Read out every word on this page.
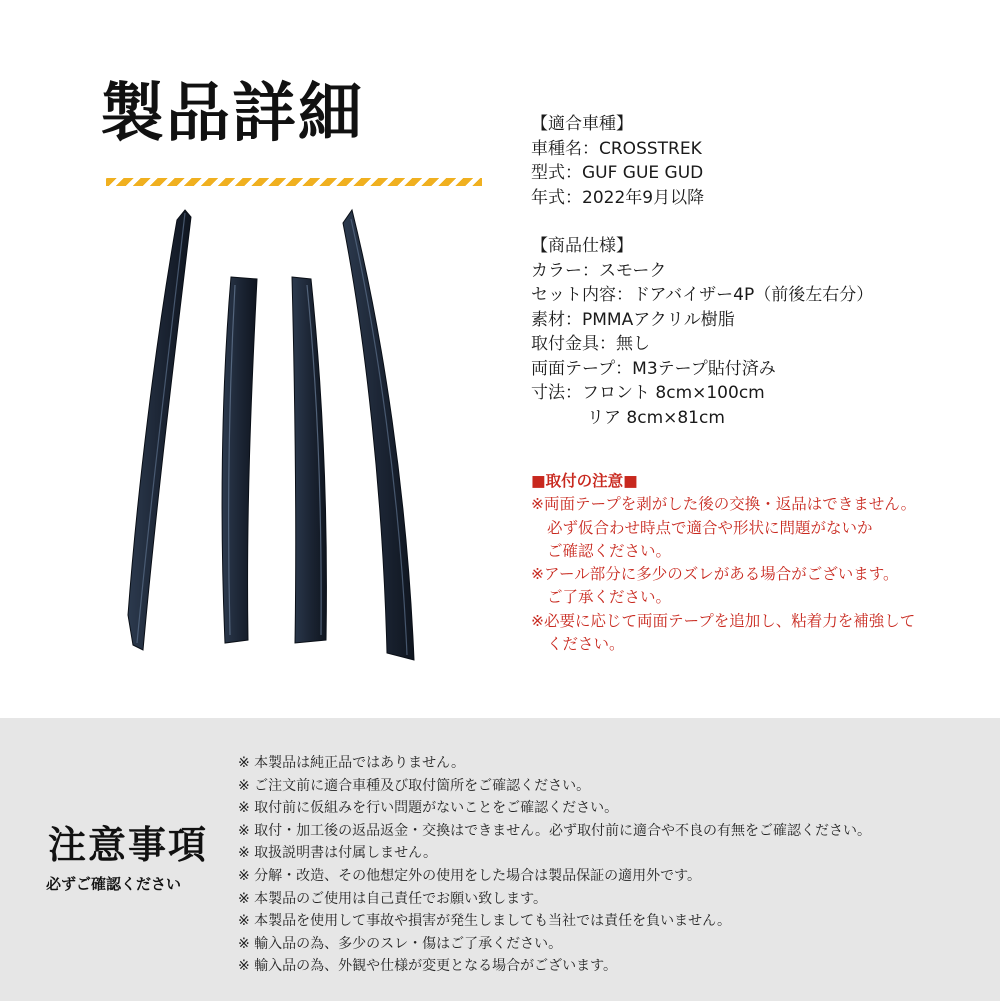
製品詳細	【適合車種】
車種名：CROSSTREK
型式：GUF GUE GUD
年式：2022年9月以降
【商品仕様】
カラー：スモーク
セット内容：ドアバイザー4P（前後左右分）
素材：PMMAアクリル樹脂
取付金具：無し
両面テープ：M3テープ貼付済み
寸法：フロント 8cm×100cm
リア 8cm×81cm
■取付の注意■
※両面テープを剥がした後の交換・返品はできません。
必ず仮合わせ時点で適合や形状に問題がないか
ご確認ください。
※アール部分に多少のズレがある場合がございます。
ご了承ください。
※必要に応じて両面テープを追加し、粘着力を補強して
ください。
注意事項
必ずご確認ください
※ 本製品は純正品ではありません。
※ ご注文前に適合車種及び取付箇所をご確認ください。
※ 取付前に仮組みを行い問題がないことをご確認ください。
※ 取付・加工後の返品返金・交換はできません。必ず取付前に適合や不良の有無をご確認ください。
※ 取扱説明書は付属しません。
※ 分解・改造、その他想定外の使用をした場合は製品保証の適用外です。
※ 本製品のご使用は自己責任でお願い致します。
※ 本製品を使用して事故や損害が発生しましても当社では責任を負いません。
※ 輸入品の為、多少のスレ・傷はご了承ください。
※ 輸入品の為、外観や仕様が変更となる場合がございます。
